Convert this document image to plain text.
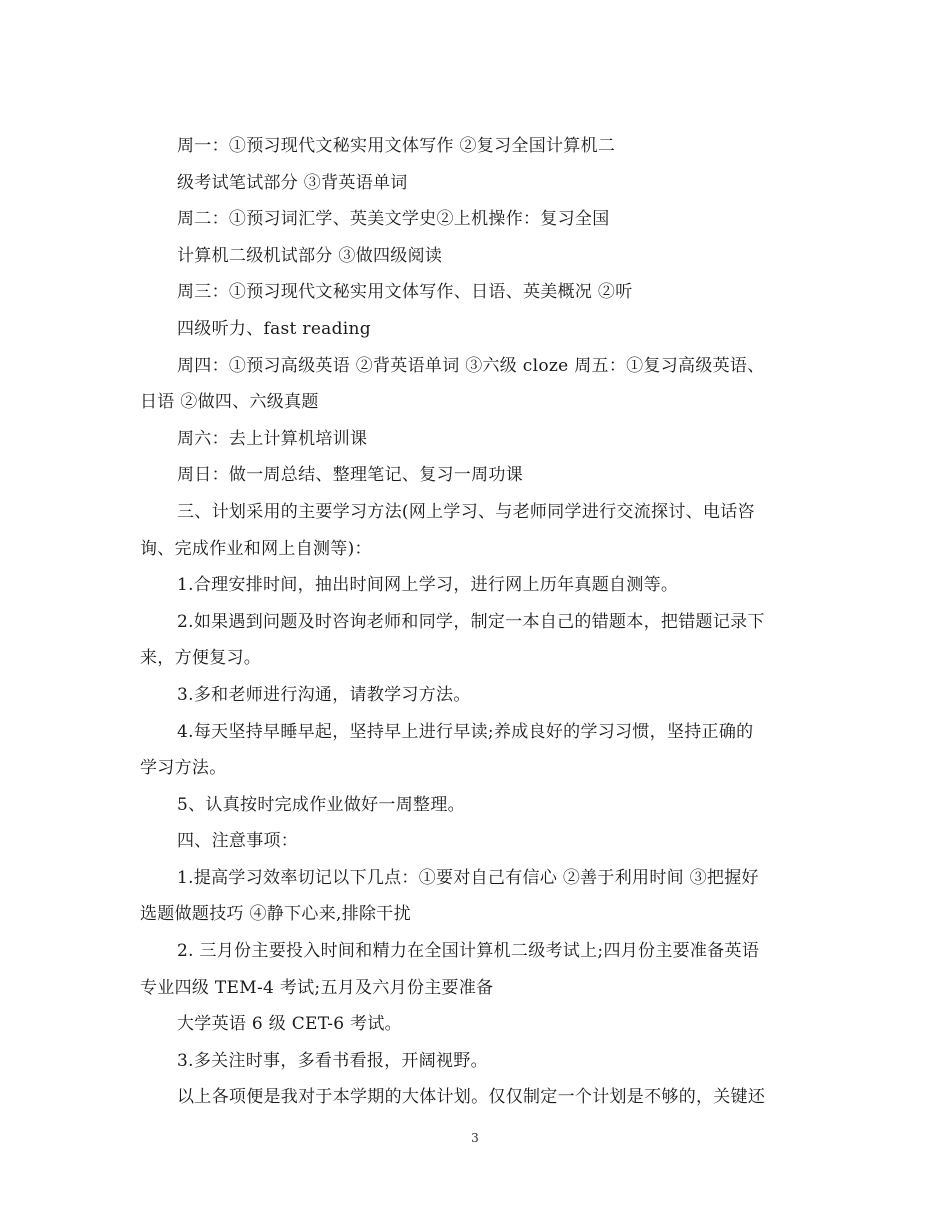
周一：①预习现代文秘实用文体写作 ②复习全国计算机二
级考试笔试部分 ③背英语单词
周二：①预习词汇学、英美文学史②上机操作：复习全国
计算机二级机试部分 ③做四级阅读
周三：①预习现代文秘实用文体写作、日语、英美概况 ②听
四级听力、fast reading
周四：①预习高级英语 ②背英语单词 ③六级 cloze 周五：①复习高级英语、
日语 ②做四、六级真题
周六：去上计算机培训课
周日：做一周总结、整理笔记、复习一周功课
三、计划采用的主要学习方法(网上学习、与老师同学进行交流探讨、电话咨
询、完成作业和网上自测等)：
1.合理安排时间，抽出时间网上学习，进行网上历年真题自测等。
2.如果遇到问题及时咨询老师和同学，制定一本自己的错题本，把错题记录下
来，方便复习。
3.多和老师进行沟通，请教学习方法。
4.每天坚持早睡早起，坚持早上进行早读;养成良好的学习习惯，坚持正确的
学习方法。
5、认真按时完成作业做好一周整理。
四、注意事项：
1.提高学习效率切记以下几点：①要对自己有信心 ②善于利用时间 ③把握好
选题做题技巧 ④静下心来,排除干扰
2. 三月份主要投入时间和精力在全国计算机二级考试上;四月份主要准备英语
专业四级 TEM-4 考试;五月及六月份主要准备
大学英语 6 级 CET-6 考试。
3.多关注时事，多看书看报，开阔视野。
以上各项便是我对于本学期的大体计划。仅仅制定一个计划是不够的，关键还
3
